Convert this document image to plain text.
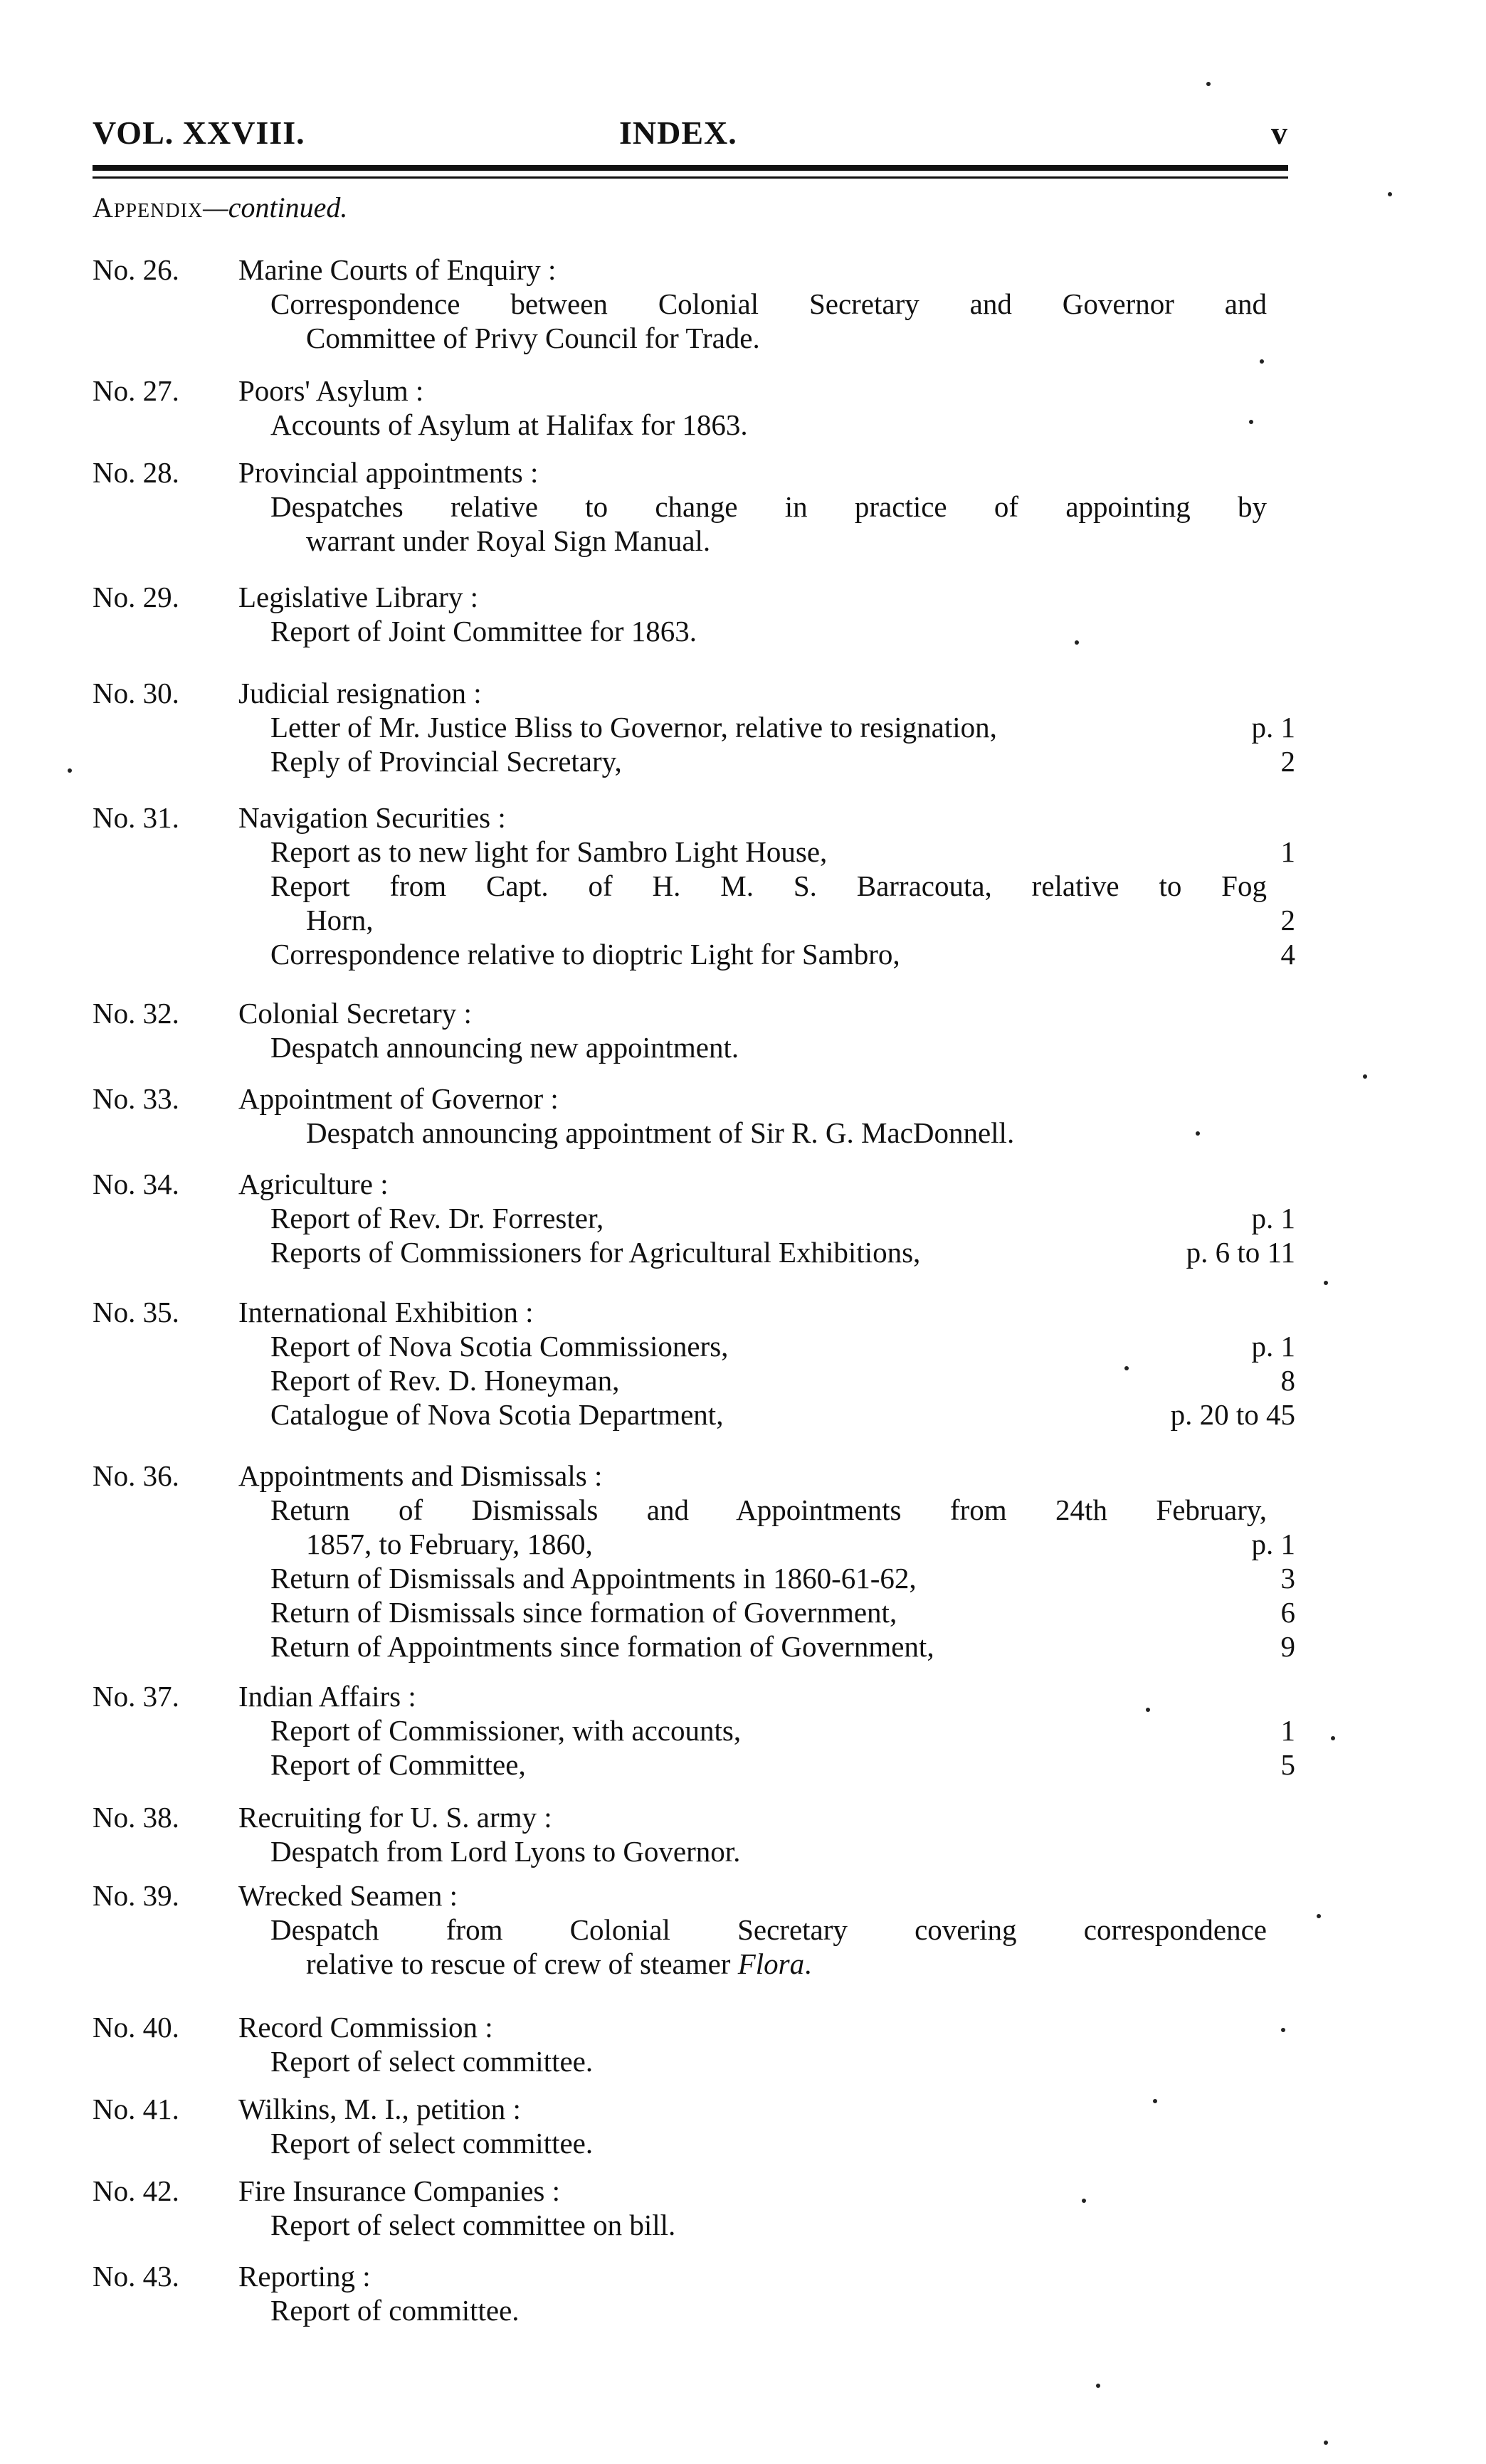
VOL. XXVIII.	INDEX.	v
Appendix—continued.
No. 26.	Marine Courts of Enquiry :
Correspondence between Colonial Secretary and Governor and
Committee of Privy Council for Trade.
No. 27.	Poors' Asylum :
Accounts of Asylum at Halifax for 1863.
No. 28.	Provincial appointments :
Despatches relative to change in practice of appointing by
warrant under Royal Sign Manual.
No. 29.	Legislative Library :
Report of Joint Committee for 1863.
No. 30.	Judicial resignation :
Letter of Mr. Justice Bliss to Governor, relative to resignation,	p. 1
Reply of Provincial Secretary,	2
No. 31.	Navigation Securities :
Report as to new light for Sambro Light House,	1
Report from Capt. of H. M. S. Barracouta, relative to Fog
Horn,	2
Correspondence relative to dioptric Light for Sambro,	4
No. 32.	Colonial Secretary :
Despatch announcing new appointment.
No. 33.	Appointment of Governor :
Despatch announcing appointment of Sir R. G. MacDonnell.
No. 34.	Agriculture :
Report of Rev. Dr. Forrester,	p. 1
Reports of Commissioners for Agricultural Exhibitions,	p. 6 to 11
No. 35.	International Exhibition :
Report of Nova Scotia Commissioners,	p. 1
Report of Rev. D. Honeyman,	8
Catalogue of Nova Scotia Department,	p. 20 to 45
No. 36.	Appointments and Dismissals :
Return of Dismissals and Appointments from 24th February,
1857, to February, 1860,	p. 1
Return of Dismissals and Appointments in 1860-61-62,	3
Return of Dismissals since formation of Government,	6
Return of Appointments since formation of Government,	9
No. 37.	Indian Affairs :
Report of Commissioner, with accounts,	1
Report of Committee,	5
No. 38.	Recruiting for U. S. army :
Despatch from Lord Lyons to Governor.
No. 39.	Wrecked Seamen :
Despatch from Colonial Secretary covering correspondence
relative to rescue of crew of steamer Flora.
No. 40.	Record Commission :
Report of select committee.
No. 41.	Wilkins, M. I., petition :
Report of select committee.
No. 42.	Fire Insurance Companies :
Report of select committee on bill.
No. 43.	Reporting :
Report of committee.
